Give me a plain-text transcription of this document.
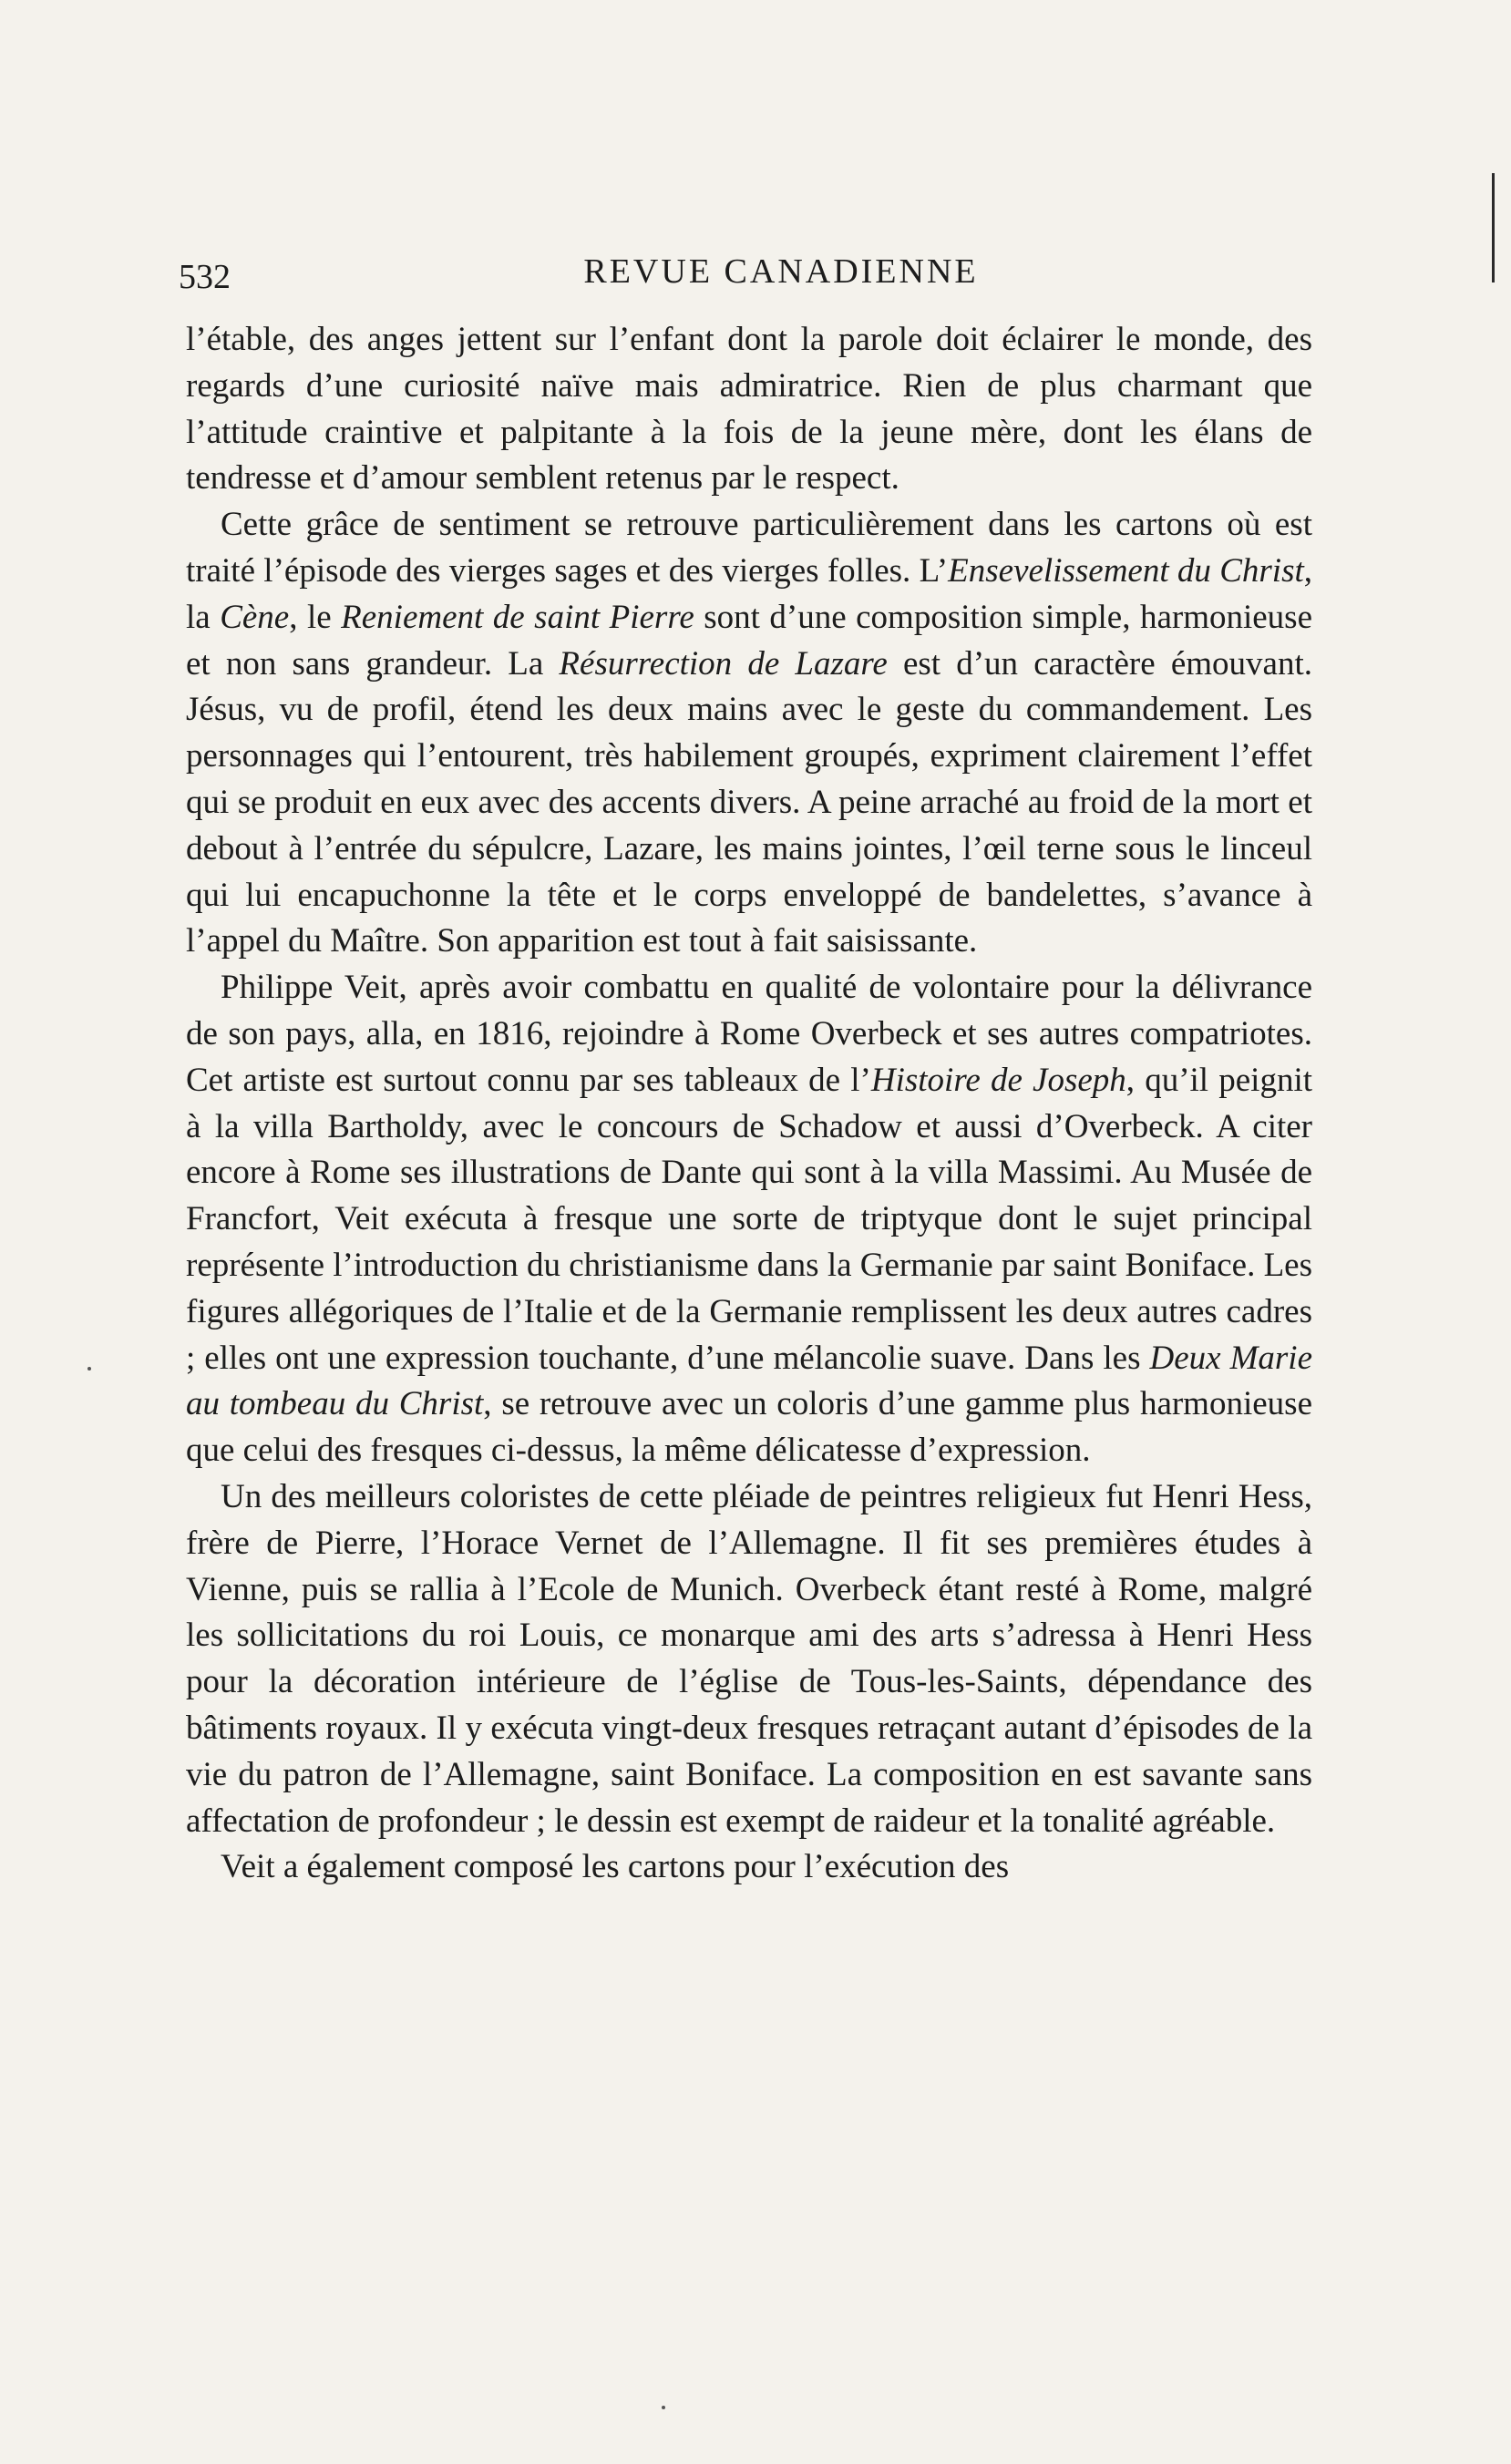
532	REVUE CANADIENNE

l’étable, des anges jettent sur l’enfant dont la parole doit éclairer le monde, des regards d’une curiosité naïve mais admiratrice. Rien de plus charmant que l’attitude craintive et palpitante à la fois de la jeune mère, dont les élans de tendresse et d’amour semblent retenus par le respect.

Cette grâce de sentiment se retrouve particulièrement dans les cartons où est traité l’épisode des vierges sages et des vierges folles. L’Ensevelissement du Christ, la Cène, le Reniement de saint Pierre sont d’une composition simple, harmonieuse et non sans grandeur. La Résurrection de Lazare est d’un caractère émouvant. Jésus, vu de profil, étend les deux mains avec le geste du commandement. Les personnages qui l’entourent, très habilement groupés, expriment clairement l’effet qui se produit en eux avec des accents divers. A peine arraché au froid de la mort et debout à l’entrée du sépulcre, Lazare, les mains jointes, l’œil terne sous le linceul qui lui encapuchonne la tête et le corps enveloppé de bandelettes, s’avance à l’appel du Maître. Son apparition est tout à fait saisissante.

Philippe Veit, après avoir combattu en qualité de volontaire pour la délivrance de son pays, alla, en 1816, rejoindre à Rome Overbeck et ses autres compatriotes. Cet artiste est surtout connu par ses tableaux de l’Histoire de Joseph, qu’il peignit à la villa Bartholdy, avec le concours de Schadow et aussi d’Overbeck. A citer encore à Rome ses illustrations de Dante qui sont à la villa Massimi. Au Musée de Francfort, Veit exécuta à fresque une sorte de triptyque dont le sujet principal représente l’introduction du christianisme dans la Germanie par saint Boniface. Les figures allégoriques de l’Italie et de la Germanie remplissent les deux autres cadres ; elles ont une expression touchante, d’une mélancolie suave. Dans les Deux Marie au tombeau du Christ, se retrouve avec un coloris d’une gamme plus harmonieuse que celui des fresques ci-dessus, la même délicatesse d’expression.

Un des meilleurs coloristes de cette pléiade de peintres religieux fut Henri Hess, frère de Pierre, l’Horace Vernet de l’Allemagne. Il fit ses premières études à Vienne, puis se rallia à l’Ecole de Munich. Overbeck étant resté à Rome, malgré les sollicitations du roi Louis, ce monarque ami des arts s’adressa à Henri Hess pour la décoration intérieure de l’église de Tous-les-Saints, dépendance des bâtiments royaux. Il y exécuta vingt-deux fresques retraçant autant d’épisodes de la vie du patron de l’Allemagne, saint Boniface. La composition en est savante sans affectation de profondeur ; le dessin est exempt de raideur et la tonalité agréable.

Veit a également composé les cartons pour l’exécution des
